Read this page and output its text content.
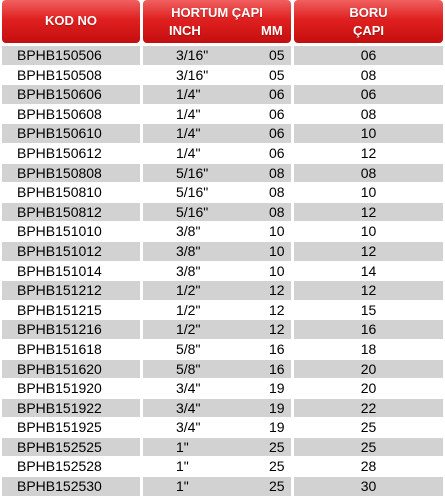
KOD NO
HORTUM ÇAPI
INCH	MM
BORU
ÇAPI
BPHB150506	3/16"	05	06
BPHB150508	3/16"	05	08
BPHB150606	1/4"	06	06
BPHB150608	1/4"	06	08
BPHB150610	1/4"	06	10
BPHB150612	1/4"	06	12
BPHB150808	5/16"	08	08
BPHB150810	5/16"	08	10
BPHB150812	5/16"	08	12
BPHB151010	3/8"	10	10
BPHB151012	3/8"	10	12
BPHB151014	3/8"	10	14
BPHB151212	1/2"	12	12
BPHB151215	1/2"	12	15
BPHB151216	1/2"	12	16
BPHB151618	5/8"	16	18
BPHB151620	5/8"	16	20
BPHB151920	3/4"	19	20
BPHB151922	3/4"	19	22
BPHB151925	3/4"	19	25
BPHB152525	1"	25	25
BPHB152528	1"	25	28
BPHB152530	1"	25	30
